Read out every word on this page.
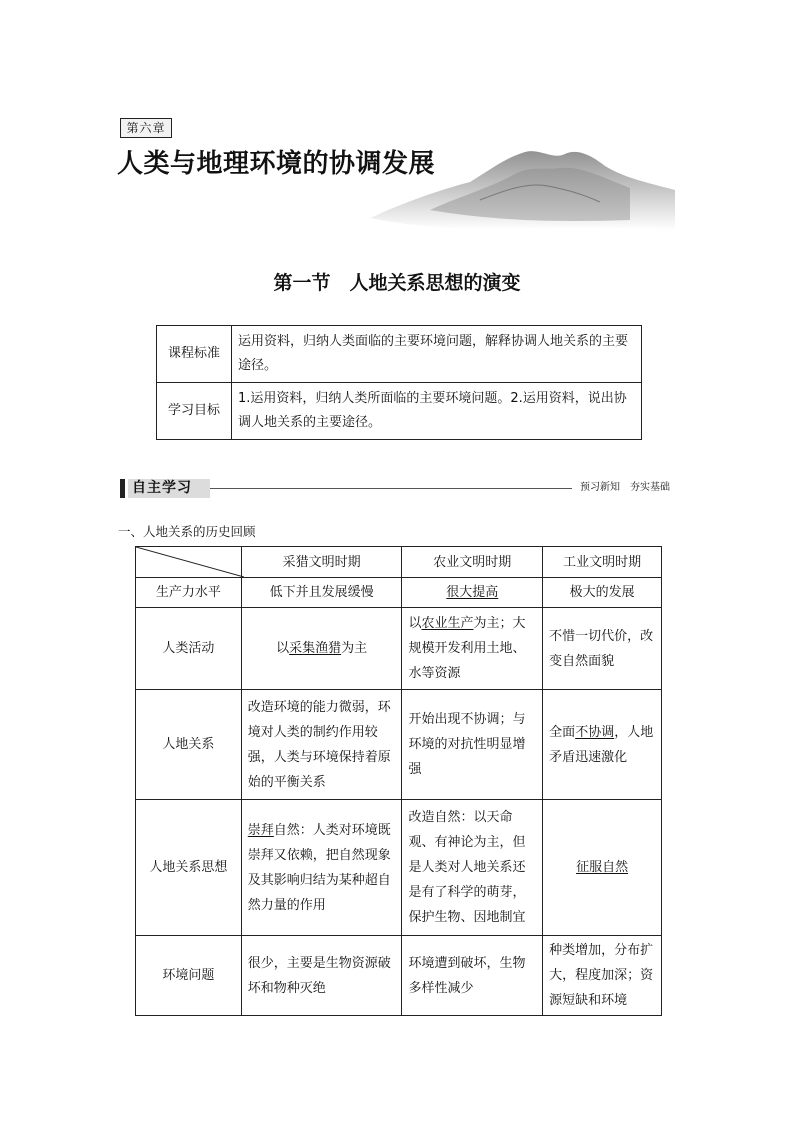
第六章
人类与地理环境的协调发展
第一节　人地关系思想的演变
课程标准	运用资料，归纳人类面临的主要环境问题，解释协调人地关系的主要途径。
学习目标	1.运用资料，归纳人类所面临的主要环境问题。2.运用资料，说出协调人地关系的主要途径。
自主学习	预习新知　夯实基础
一、人地关系的历史回顾
	采猎文明时期	农业文明时期	工业文明时期
生产力水平	低下并且发展缓慢	很大提高	极大的发展
人类活动	以采集渔猎为主	以农业生产为主；大规模开发利用土地、水等资源	不惜一切代价，改变自然面貌
人地关系	改造环境的能力微弱，环境对人类的制约作用较强，人类与环境保持着原始的平衡关系	开始出现不协调；与环境的对抗性明显增强	全面不协调，人地矛盾迅速激化
人地关系思想	崇拜自然：人类对环境既崇拜又依赖，把自然现象及其影响归结为某种超自然力量的作用	改造自然：以天命观、有神论为主，但是人类对人地关系还是有了科学的萌芽，保护生物、因地制宜	征服自然
环境问题	很少，主要是生物资源破坏和物种灭绝	环境遭到破坏，生物多样性减少	种类增加，分布扩大，程度加深；资源短缺和环境
